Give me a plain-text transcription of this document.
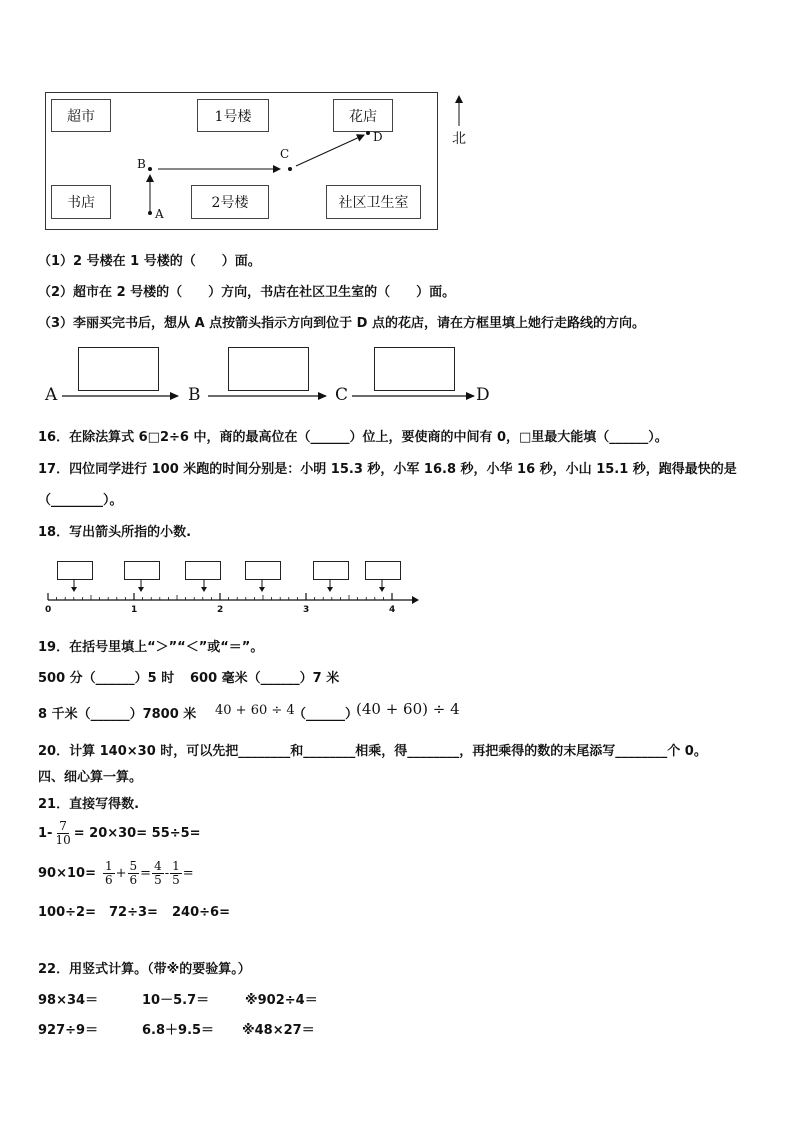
超市	1号楼	花店
书店	2号楼	社区卫生室
A
B
C
D	北
（1）2 号楼在 1 号楼的（　　）面。
（2）超市在 2 号楼的（　　）方向，书店在社区卫生室的（　　）面。
（3）李丽买完书后，想从 A 点按箭头指示方向到位于 D 点的花店，请在方框里填上她行走路线的方向。
A	B	C	D
16．在除法算式 6□2÷6 中，商的最高位在（______）位上，要使商的中间有 0，□里最大能填（______）。
17．四位同学进行 100 米跑的时间分别是：小明 15.3 秒，小军 16.8 秒，小华 16 秒，小山 15.1 秒，跑得最快的是
（________）。
18．写出箭头所指的小数.
0	1	2	3	4
19．在括号里填上“＞”“＜”或“＝”。
500 分（______）5 时 600 毫米（______）7 米
8 千米（______）7800 米 40 + 60 ÷ 4
（______）
(40 + 60) ÷ 4
20．计算 140×30 时，可以先把________和________相乘，得________，再把乘得的数的末尾添写________个 0。
四、细心算一算。
21．直接写得数.
$1- \frac{7}{10} = 20\times 30= 55\div 5=$
$90\times 10= \frac{1}{6} + \frac{5}{6} = \frac{4}{5} - \frac{1}{5}$ =
100÷2= 72÷3= 240÷6=
22．用竖式计算。（带※的要验算。）
98×34＝	10－5.7＝	※902÷4＝
927÷9＝	6.8＋9.5＝ ※48×27＝
